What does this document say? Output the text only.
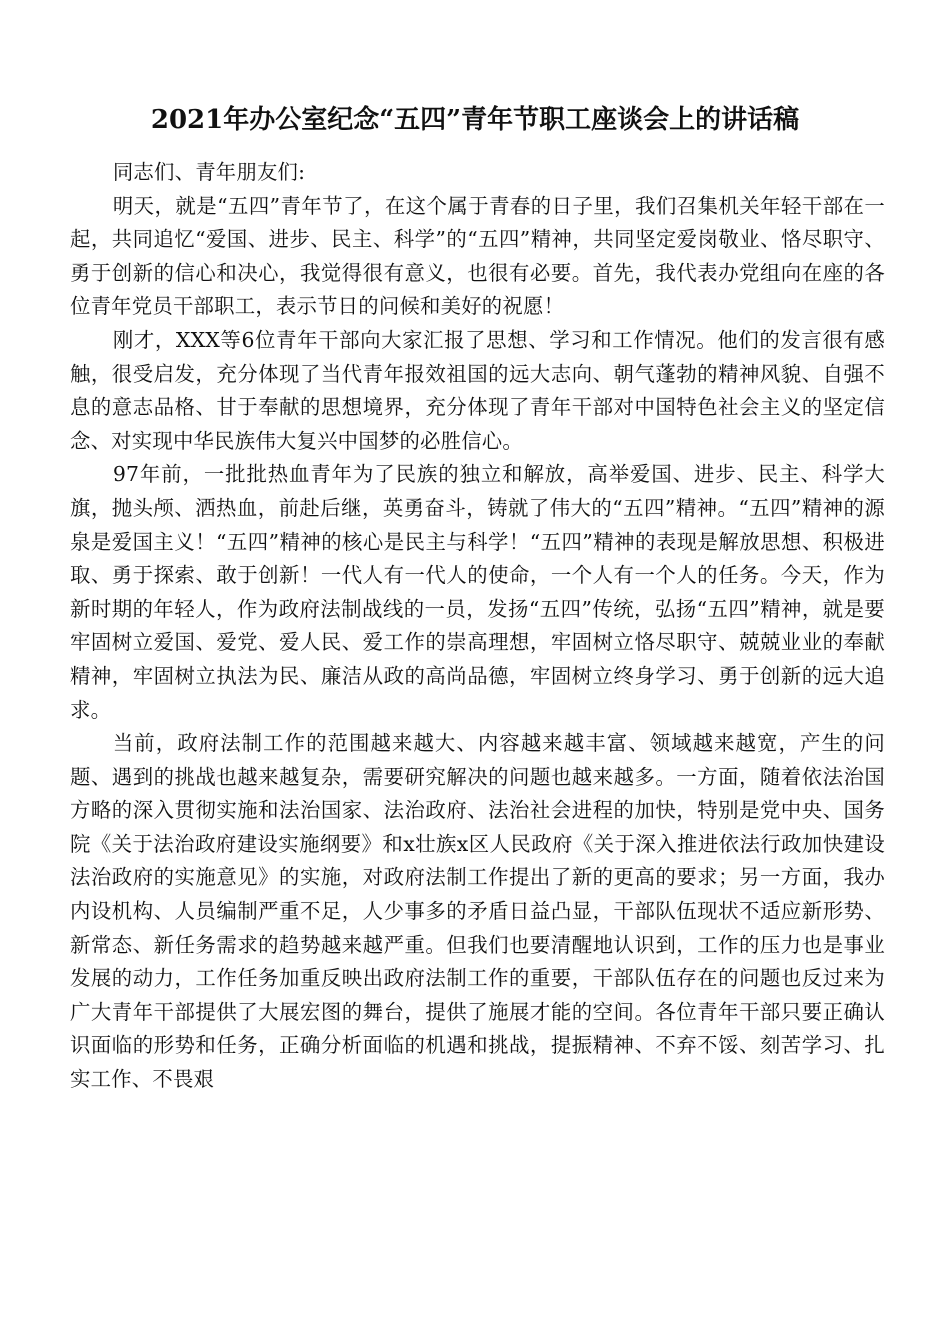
2021年办公室纪念“五四”青年节职工座谈会上的讲话稿

同志们、青年朋友们:

明天，就是“五四”青年节了，在这个属于青春的日子里，我们召集机关年轻干部在一起，共同追忆“爱国、进步、民主、科学”的“五四”精神，共同坚定爱岗敬业、恪尽职守、勇于创新的信心和决心，我觉得很有意义，也很有必要。首先，我代表办党组向在座的各位青年党员干部职工，表示节日的问候和美好的祝愿！

刚才，XXX等6位青年干部向大家汇报了思想、学习和工作情况。他们的发言很有感触，很受启发，充分体现了当代青年报效祖国的远大志向、朝气蓬勃的精神风貌、自强不息的意志品格、甘于奉献的思想境界，充分体现了青年干部对中国特色社会主义的坚定信念、对实现中华民族伟大复兴中国梦的必胜信心。

97年前，一批批热血青年为了民族的独立和解放，高举爱国、进步、民主、科学大旗，抛头颅、洒热血，前赴后继，英勇奋斗，铸就了伟大的“五四”精神。“五四”精神的源泉是爱国主义！“五四”精神的核心是民主与科学！“五四”精神的表现是解放思想、积极进取、勇于探索、敢于创新！一代人有一代人的使命，一个人有一个人的任务。今天，作为新时期的年轻人，作为政府法制战线的一员，发扬“五四”传统，弘扬“五四”精神，就是要牢固树立爱国、爱党、爱人民、爱工作的崇高理想，牢固树立恪尽职守、兢兢业业的奉献精神，牢固树立执法为民、廉洁从政的高尚品德，牢固树立终身学习、勇于创新的远大追求。

当前，政府法制工作的范围越来越大、内容越来越丰富、领域越来越宽，产生的问题、遇到的挑战也越来越复杂，需要研究解决的问题也越来越多。一方面，随着依法治国方略的深入贯彻实施和法治国家、法治政府、法治社会进程的加快，特别是党中央、国务院《关于法治政府建设实施纲要》和x壮族x区人民政府《关于深入推进依法行政加快建设法治政府的实施意见》的实施，对政府法制工作提出了新的更高的要求；另一方面，我办内设机构、人员编制严重不足，人少事多的矛盾日益凸显，干部队伍现状不适应新形势、新常态、新任务需求的趋势越来越严重。但我们也要清醒地认识到，工作的压力也是事业发展的动力，工作任务加重反映出政府法制工作的重要，干部队伍存在的问题也反过来为广大青年干部提供了大展宏图的舞台，提供了施展才能的空间。各位青年干部只要正确认识面临的形势和任务，正确分析面临的机遇和挑战，提振精神、不弃不馁、刻苦学习、扎实工作、不畏艰
